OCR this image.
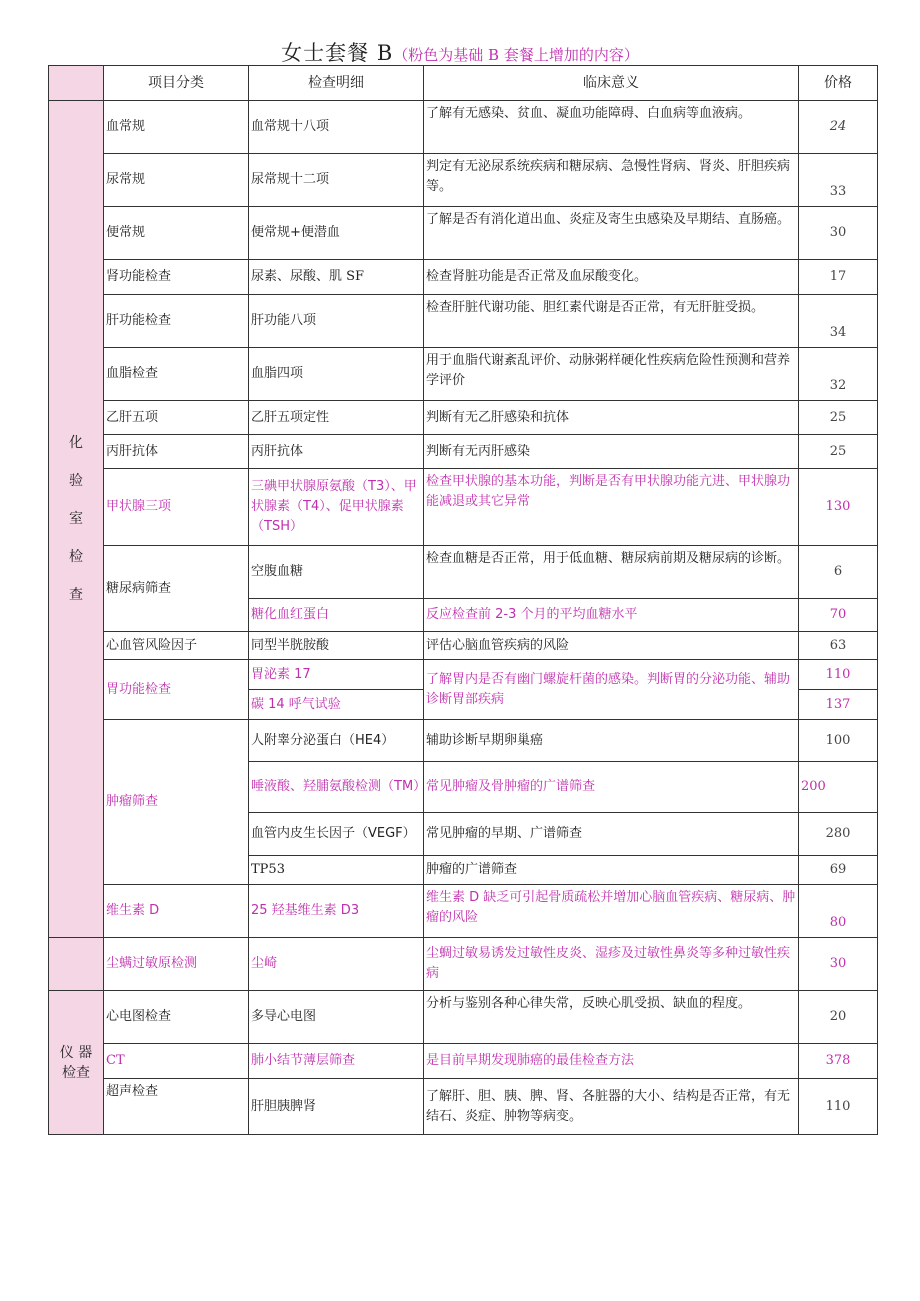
女士套餐 B（粉色为基础 B 套餐上增加的内容）
	项目分类	检查明细	临床意义	价格
化
验
室
检
查	血常规	血常规十八项	了解有无感染、贫血、凝血功能障碍、白血病等血液病。	24
	尿常规	尿常规十二项	判定有无泌尿系统疾病和糖尿病、急慢性肾病、肾炎、肝胆疾病等。	33
	便常规	便常规+便潜血	了解是否有消化道出血、炎症及寄生虫感染及早期结、直肠癌。	30
	肾功能检查	尿素、尿酸、肌 SF	检查肾脏功能是否正常及血尿酸变化。	17
	肝功能检查	肝功能八项	检查肝脏代谢功能、胆红素代谢是否正常，有无肝脏受损。	34
	血脂检查	血脂四项	用于血脂代谢紊乱评价、动脉粥样硬化性疾病危险性预测和营养学评价	32
	乙肝五项	乙肝五项定性	判断有无乙肝感染和抗体	25
	丙肝抗体	丙肝抗体	判断有无丙肝感染	25
	甲状腺三项	三碘甲状腺原氨酸（T3）、甲状腺素（T4）、促甲状腺素（TSH）	检查甲状腺的基本功能，判断是否有甲状腺功能亢进、甲状腺功能减退或其它异常	130
	糖尿病筛查	空腹血糖	检查血糖是否正常，用于低血糖、糖尿病前期及糖尿病的诊断。	6
		糖化血红蛋白	反应检查前 2-3 个月的平均血糖水平	70
	心血管风险因子	同型半胱胺酸	评估心脑血管疾病的风险	63
	胃功能检查	胃泌素 17	了解胃内是否有幽门螺旋杆菌的感染。判断胃的分泌功能、辅助诊断胃部疾病	110
		碳 14 呼气试验		137
	肿瘤筛查	人附睾分泌蛋白（HE4）	辅助诊断早期卵巢癌	100
		唾液酸、羟脯氨酸检测（TM）	常见肿瘤及骨肿瘤的广谱筛查	200
		血管内皮生长因子（VEGF）	常见肿瘤的早期、广谱筛查	280
		TP53	肿瘤的广谱筛查	69
	维生素 D	25 羟基维生素 D3	维生素 D 缺乏可引起骨质疏松并增加心脑血管疾病、糖尿病、肿瘤的风险	80
	尘螨过敏原检测	尘崎	尘蜩过敏易诱发过敏性皮炎、湿疹及过敏性鼻炎等多种过敏性疾病	30
仪 器
检查	心电图检查	多导心电图	分析与鉴别各种心律失常，反映心肌受损、缺血的程度。	20
	CT	肺小结节薄层筛查	是目前早期发现肺癌的最佳检查方法	378
	超声检查	肝胆胰脾肾	了解肝、胆、胰、脾、肾、各脏器的大小、结构是否正常，有无结石、炎症、肿物等病变。	110
